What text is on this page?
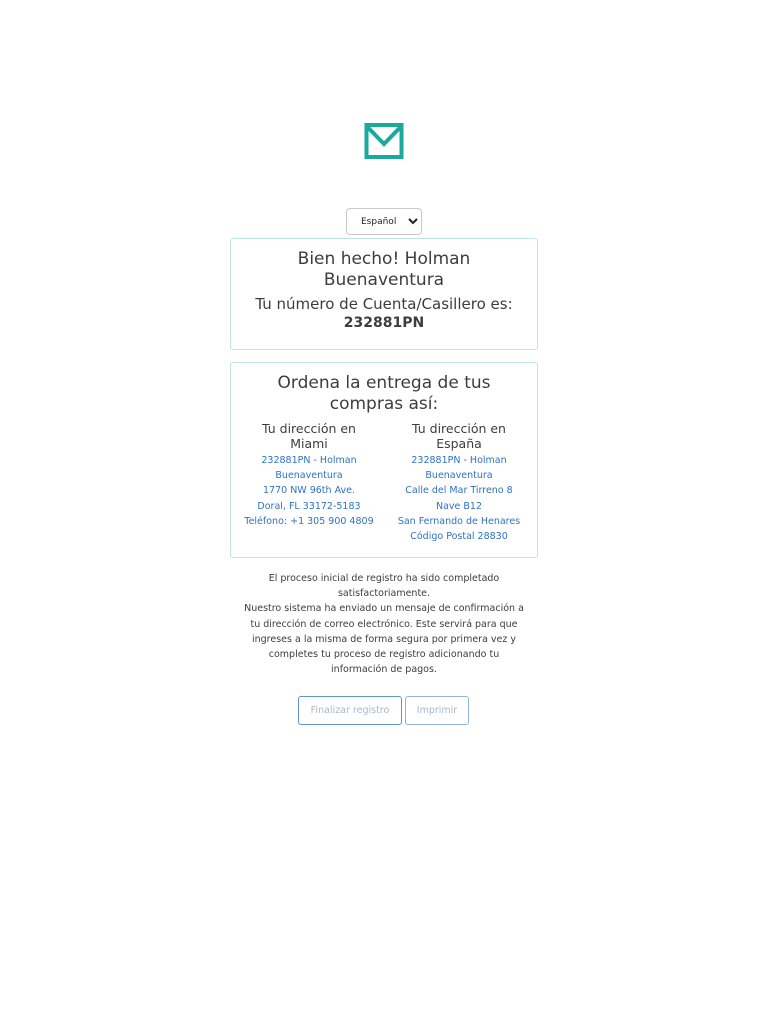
Español
Bien hecho! Holman Buenaventura
Tu número de Cuenta/Casillero es:
232881PN
Ordena la entrega de tus compras así:
Tu dirección en Miami
232881PN - Holman
Buenaventura
1770 NW 96th Ave.
Doral, FL 33172-5183
Teléfono: +1 305 900 4809
Tu dirección en España
232881PN - Holman
Buenaventura
Calle del Mar Tirreno 8
Nave B12
San Fernando de Henares
Código Postal 28830
El proceso inicial de registro ha sido completado satisfactoriamente.
Nuestro sistema ha enviado un mensaje de confirmación a tu dirección de correo electrónico. Este servirá para que ingreses a la misma de forma segura por primera vez y completes tu proceso de registro adicionando tu información de pagos.
Finalizar registro	Imprimir
